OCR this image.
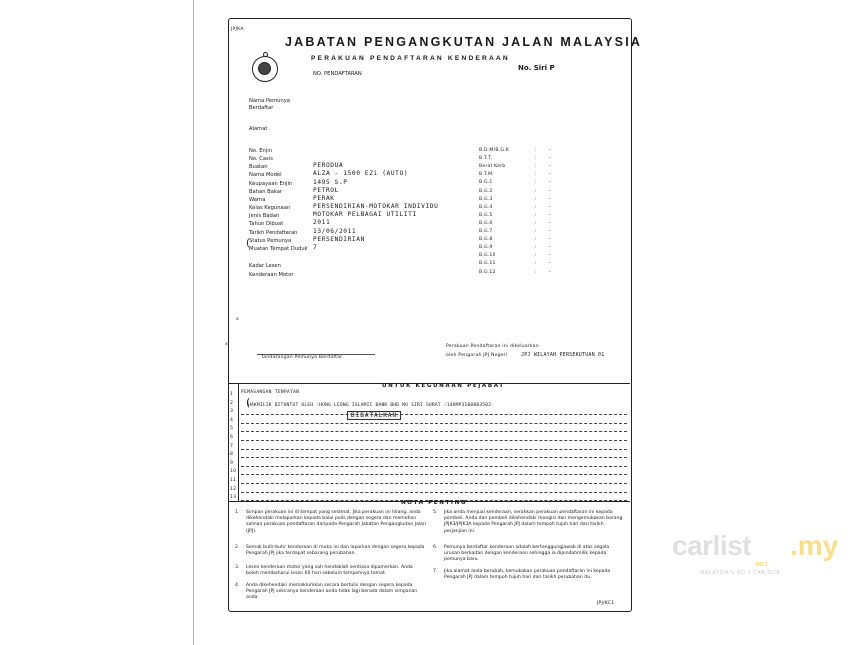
JPJKA
JABATAN PENGANGKUTAN JALAN MALAYSIA
PERAKUAN PENDAFTARAN KENDERAAN
No. Siri P
NO. PENDAFTARAN
Nama Pemunya Berdaftar
Alamat
No. Enjin
No. Casis
Buatan	PERODUA
Nama Model	ALZA - 1500 EZi (AUTO)
Keupayaan Enjin	1495 S.P
Bahan Bakar	PETROL
Warna	PERAK
Kelas Kegunaan	PERSENDIRIAN-MOTOKAR INDIVIDU
Jenis Badan	MOTOKAR PELBAGAI UTILITI
Tahun Dibuat	2011
Tarikh Pendaftaran	13/06/2011
Status Pemunya	PERSENDIRIAN
Muatan Tempat Duduk 7
Kadar Lesen
Kenderaan Motor
B.D.M/B.G.K	: -
B.T.T.	: -
Berat Kerb	: -
B.T.M.	: -
B.G.1	: -
B.G.2	: -
B.G.3	: -
B.G.4	: -
B.G.5	: -
B.G.6	: -
B.G.7	: -
B.G.8	: -
B.G.9	: -
B.G.10	: -
B.G.11	: -
B.G.12	: -
(
x
x
Tandatangan Pemunya Berdaftar
Perakuan Pendaftaran ini dikeluarkan
oleh Pengarah JPJ Negeri	JPJ WILAYAH PERSEKUTUAN 01
UNTUK KEGUNAAN PEJABAT
PEMASANGAN TENPATAN
HAKMILIK DITUNTUT OLEH :HONG LEONG ISLAMIC BANK BHD NO SIRI SURAT :14HMP3100803502
DIBATALKAN
(
1
2
3
4
5
6
7
8
9
10
11
12
13
NOTA PENTING
1. Simpan perakuan ini di tempat yang selamat. Jika perakuan ini hilang, anda dikehendaki melaporkan kepada balai polis dengan segera dan memohon salinan perakuan pendaftaran daripada Pengarah Jabatan Pengangkutan Jalan (JPJ).
2. Semak butir-butir kenderaan di muka ini dan laporkan dengan segera kepada Pengarah JPJ jika terdapat sebarang perubahan.
3. Lesen kenderaan motor yang sah hendaklah sentiasa dipamerkan. Anda boleh membaharui lesen 60 hari sebelum tempohnya tamat.
4. Anda dikehendaki memaklumkan secara bertulis dengan segera kepada Pengarah JPJ sekiranya kenderaan anda tidak lagi berada dalam simpanan anda.
5. Jika anda menjual kenderaan, serahkan perakuan pendaftaran ini kepada pembeli. Anda dan pembeli dikehendaki mengisi dan mengemukakan borang JPJK3/JPJK3A kepada Pengarah JPJ dalam tempoh tujuh hari dari tarikh perjanjian ini.
6. Pemunya berdaftar kenderaan adalah bertanggungjawab di atas segala urusan berkaitan dengan kenderaan sehingga ia dipindahmilik kepada pemunya baru.
7. Jika alamat anda berubah, kemukakan perakuan pendaftaran ini kepada Pengarah JPJ dalam tempoh tujuh hari dari tarikh perubahan itu.
JPJ/KC1
carlist .my
MALAYSIA'S NO.1 CAR SITE
NO.1
